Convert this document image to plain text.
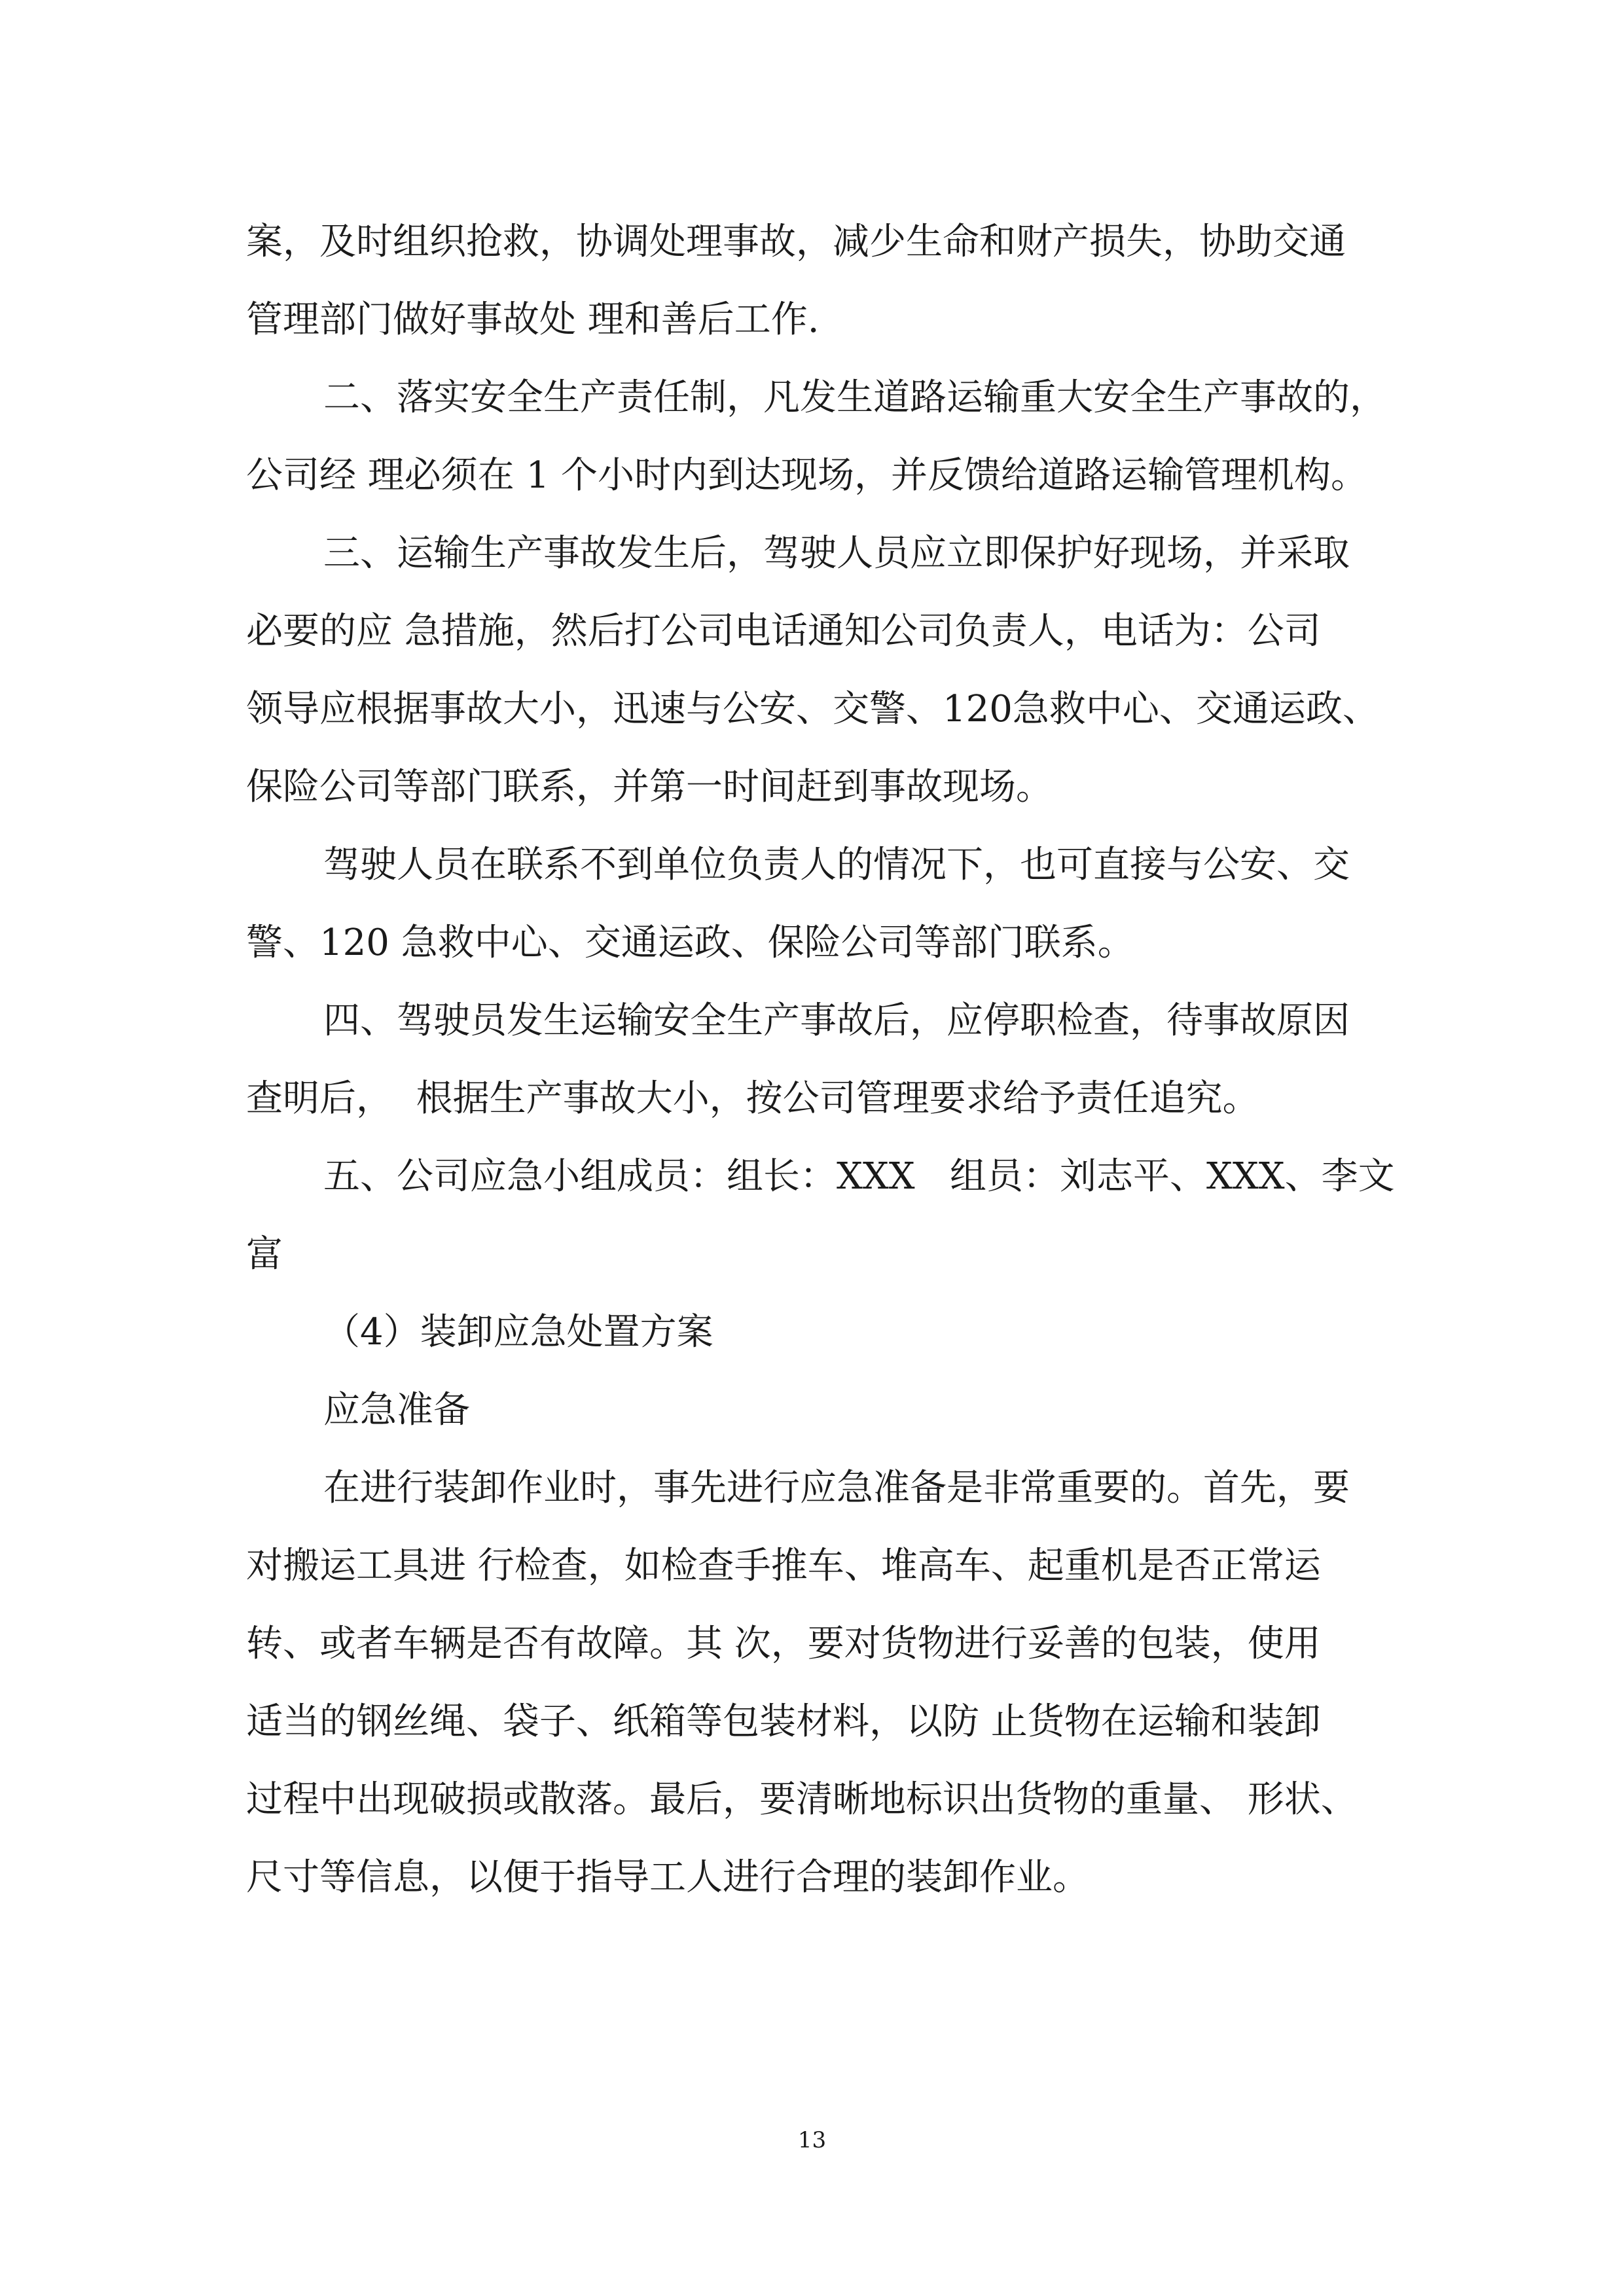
案，及时组织抢救，协调处理事故，减少生命和财产损失，协助交通

管理部门做好事故处 理和善后工作.

二、落实安全生产责任制，凡发生道路运输重大安全生产事故的，

公司经 理必须在 1 个小时内到达现场，并反馈给道路运输管理机构。

三、运输生产事故发生后，驾驶人员应立即保护好现场，并采取

必要的应 急措施，然后打公司电话通知公司负责人，电话为：公司

领导应根据事故大小，迅速与公安、交警、120急救中心、交通运政、

保险公司等部门联系，并第一时间赶到事故现场。

驾驶人员在联系不到单位负责人的情况下，也可直接与公安、交

警、120 急救中心、交通运政、保险公司等部门联系。

四、驾驶员发生运输安全生产事故后，应停职检查，待事故原因

查明后，  根据生产事故大小，按公司管理要求给予责任追究。

五、公司应急小组成员：组长：XXX   组员：刘志平、XXX、李文

富

（4）装卸应急处置方案

应急准备

在进行装卸作业时，事先进行应急准备是非常重要的。首先，要

对搬运工具进 行检查，如检查手推车、堆高车、起重机是否正常运

转、或者车辆是否有故障。其 次，要对货物进行妥善的包装，使用

适当的钢丝绳、袋子、纸箱等包装材料，以防 止货物在运输和装卸

过程中出现破损或散落。最后，要清晰地标识出货物的重量、 形状、

尺寸等信息，以便于指导工人进行合理的装卸作业。

13
